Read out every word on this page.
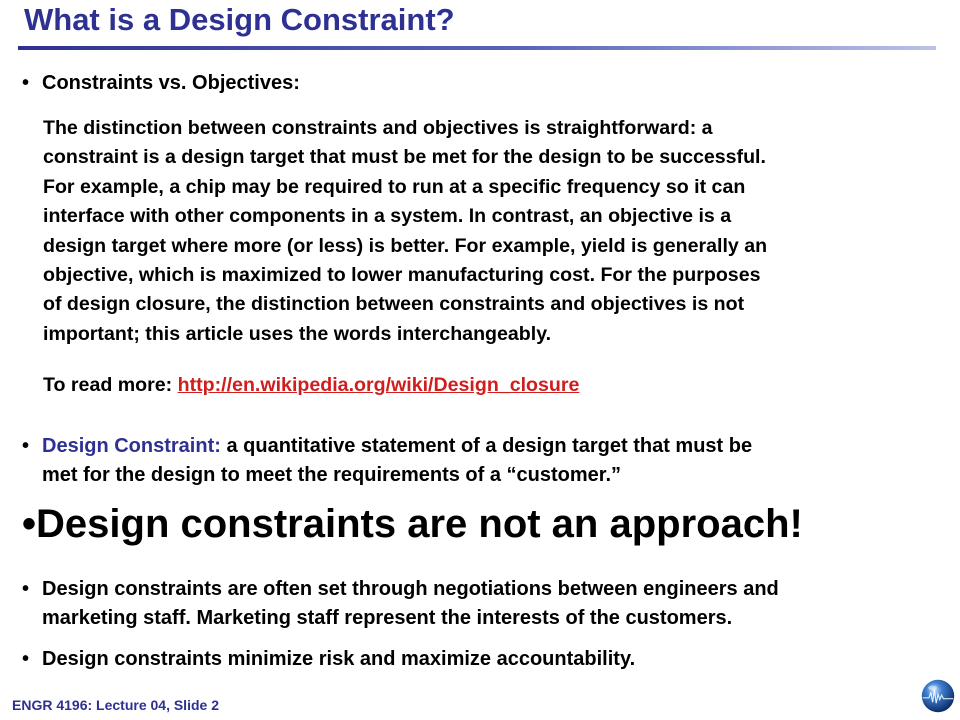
What is a Design Constraint?
• Constraints vs. Objectives:
The distinction between constraints and objectives is straightforward: a
constraint is a design target that must be met for the design to be successful.
For example, a chip may be required to run at a specific frequency so it can
interface with other components in a system. In contrast, an objective is a
design target where more (or less) is better. For example, yield is generally an
objective, which is maximized to lower manufacturing cost. For the purposes
of design closure, the distinction between constraints and objectives is not
important; this article uses the words interchangeably.

To read more: http://en.wikipedia.org/wiki/Design_closure

• Design Constraint: a quantitative statement of a design target that must be
met for the design to meet the requirements of a “customer.”

•Design constraints are not an approach!

• Design constraints are often set through negotiations between engineers and
marketing staff. Marketing staff represent the interests of the customers.
• Design constraints minimize risk and maximize accountability.

ENGR 4196: Lecture 04, Slide 2
